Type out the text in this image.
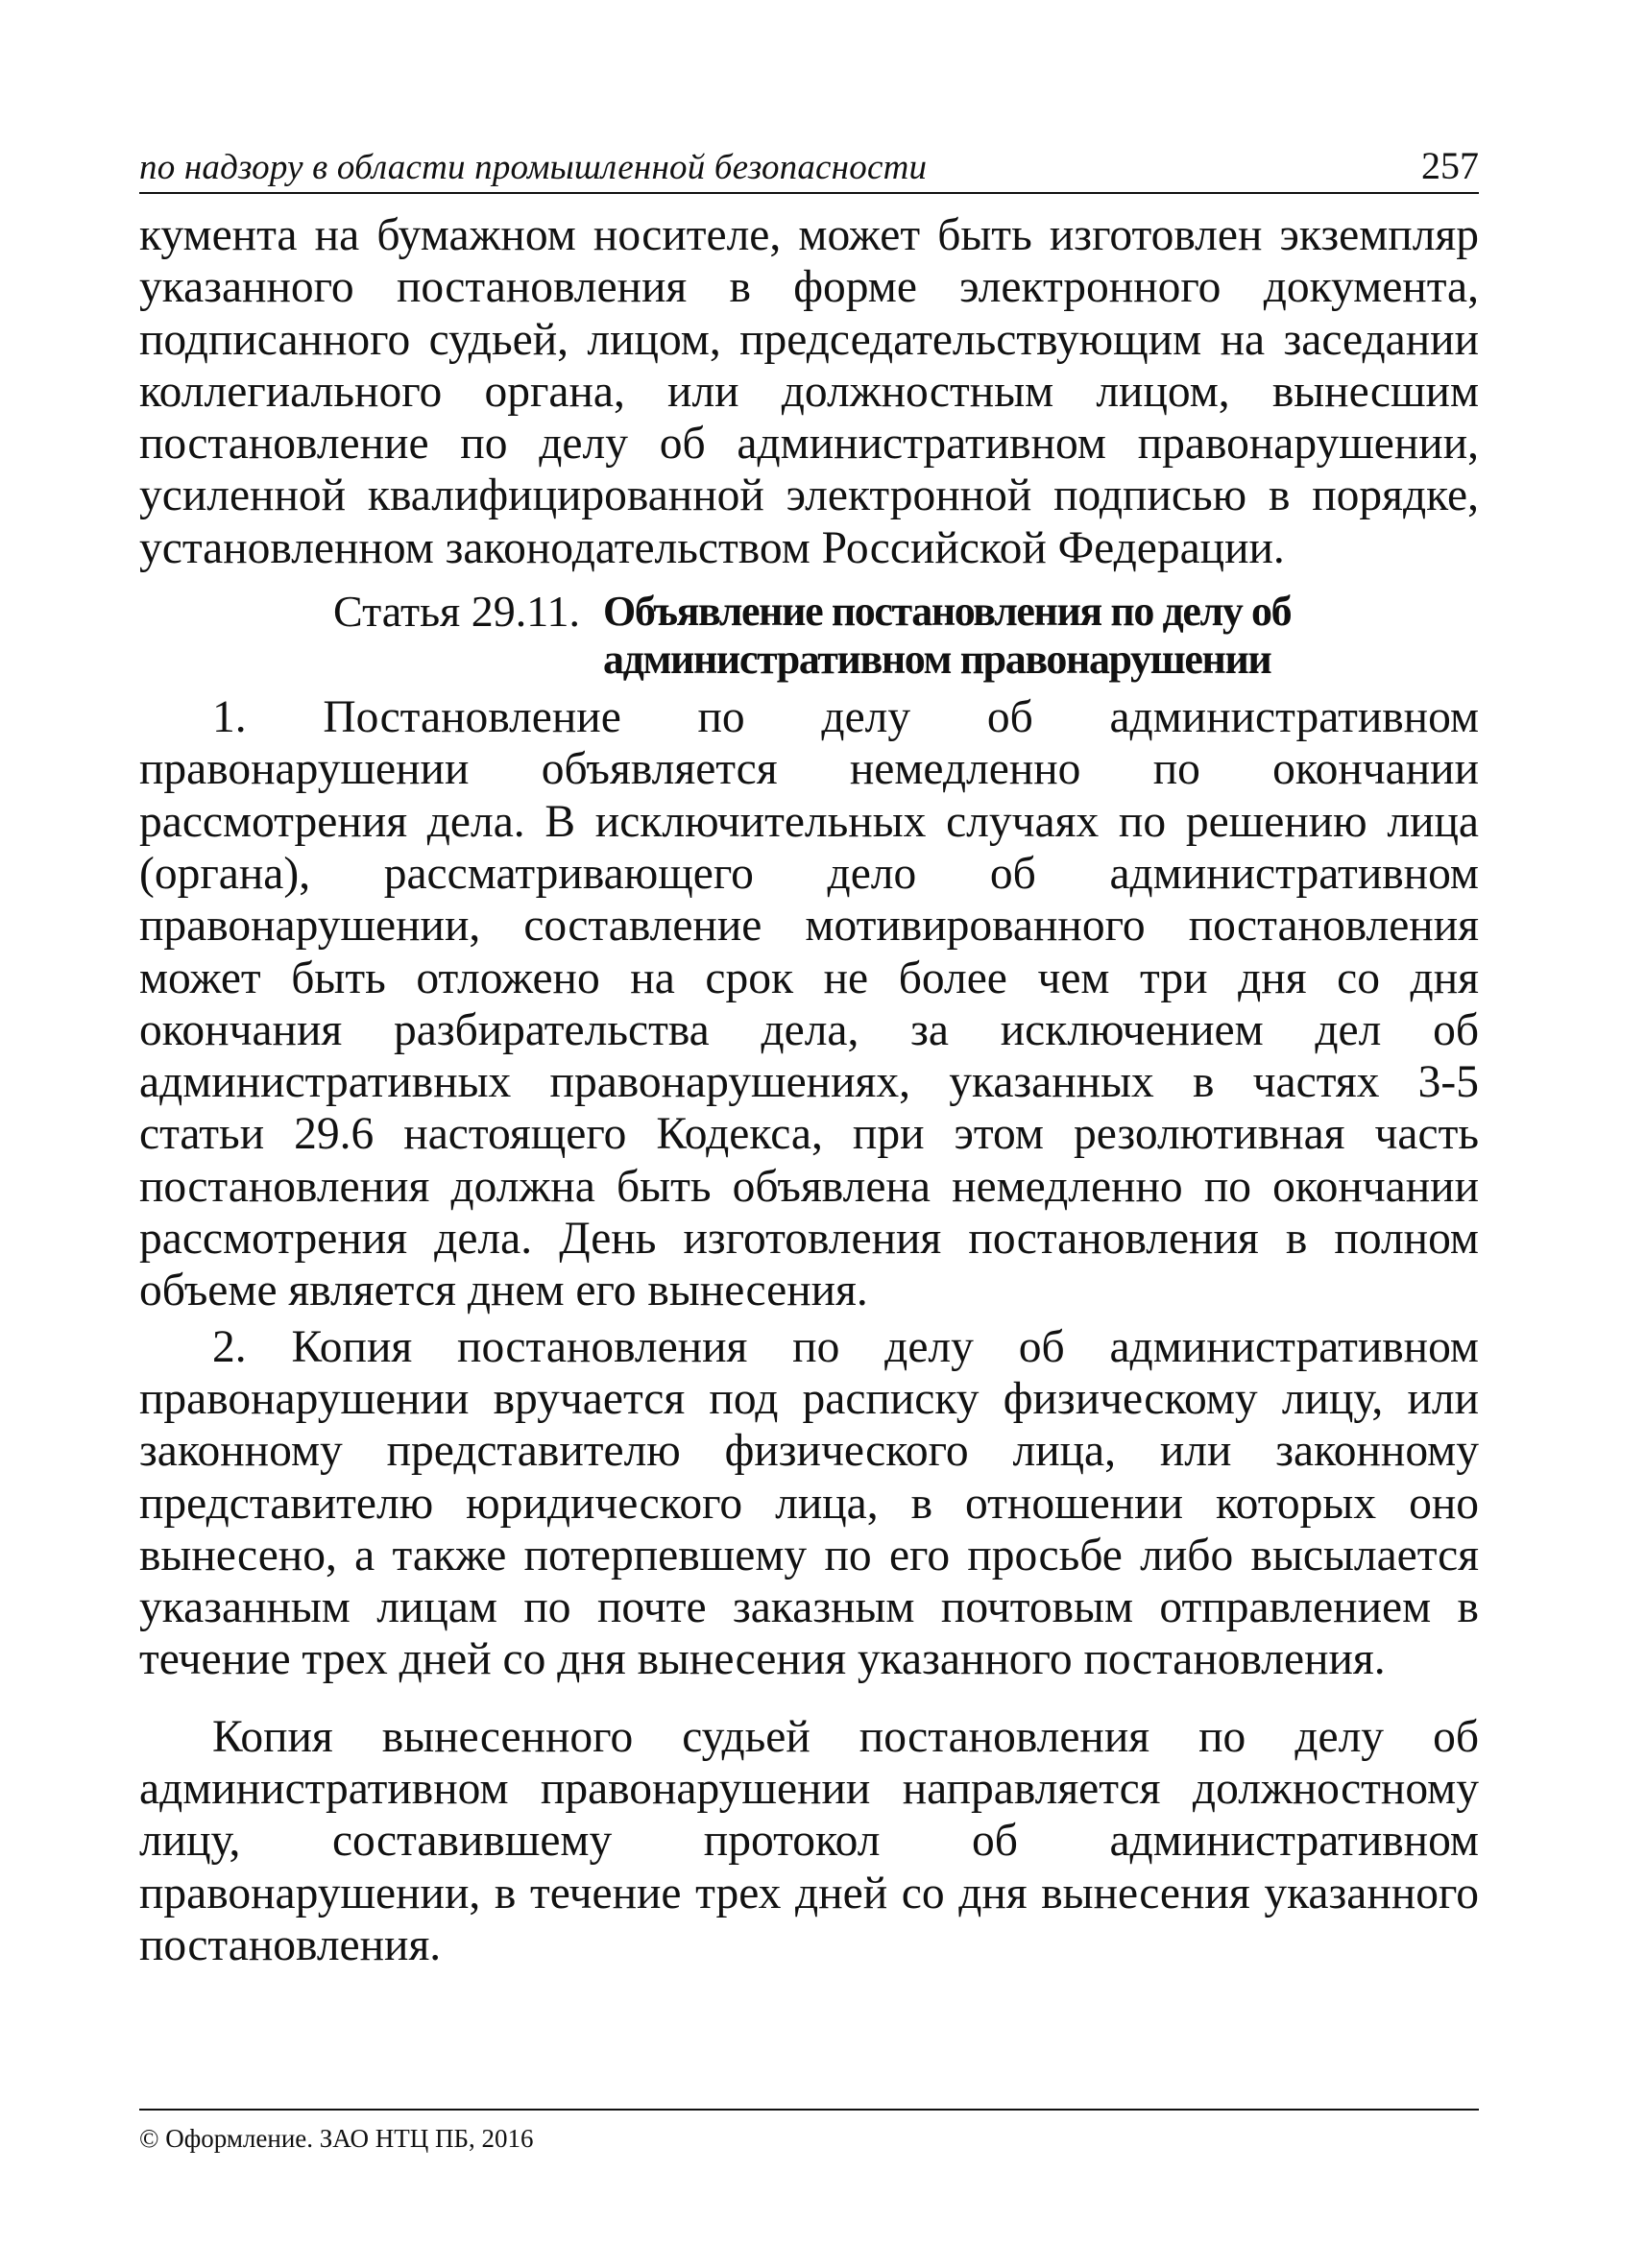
по надзору в области промышленной безопасности	257

кумента на бумажном носителе, может быть изготовлен экземпляр указанного постановления в форме электронного документа, подписанного судьей, лицом, председательствующим на заседании коллегиального органа, или должностным лицом, вынесшим постановление по делу об административном правонарушении, усиленной квалифицированной электронной подписью в порядке, установленном законодательством Российской Федерации.

Статья 29.11. Объявление постановления по делу об
административном правонарушении

1. Постановление по делу об административном правонарушении объявляется немедленно по окончании рассмотрения дела. В исключительных случаях по решению лица (органа), рассматривающего дело об административном правонарушении, составление мотивированного постановления может быть отложено на срок не более чем три дня со дня окончания разбирательства дела, за исключением дел об административных правонарушениях, указанных в частях 3-5 статьи 29.6 настоящего Кодекса, при этом резолютивная часть постановления должна быть объявлена немедленно по окончании рассмотрения дела. День изготовления постановления в полном объеме является днем его вынесения.

2. Копия постановления по делу об административном правонарушении вручается под расписку физическому лицу, или законному представителю физического лица, или законному представителю юридического лица, в отношении которых оно вынесено, а также потерпевшему по его просьбе либо высылается указанным лицам по почте заказным почтовым отправлением в течение трех дней со дня вынесения указанного постановления.

Копия вынесенного судьей постановления по делу об административном правонарушении направляется должностному лицу, составившему протокол об административном правонарушении, в течение трех дней со дня вынесения указанного постановления.

© Оформление. ЗАО НТЦ ПБ, 2016
